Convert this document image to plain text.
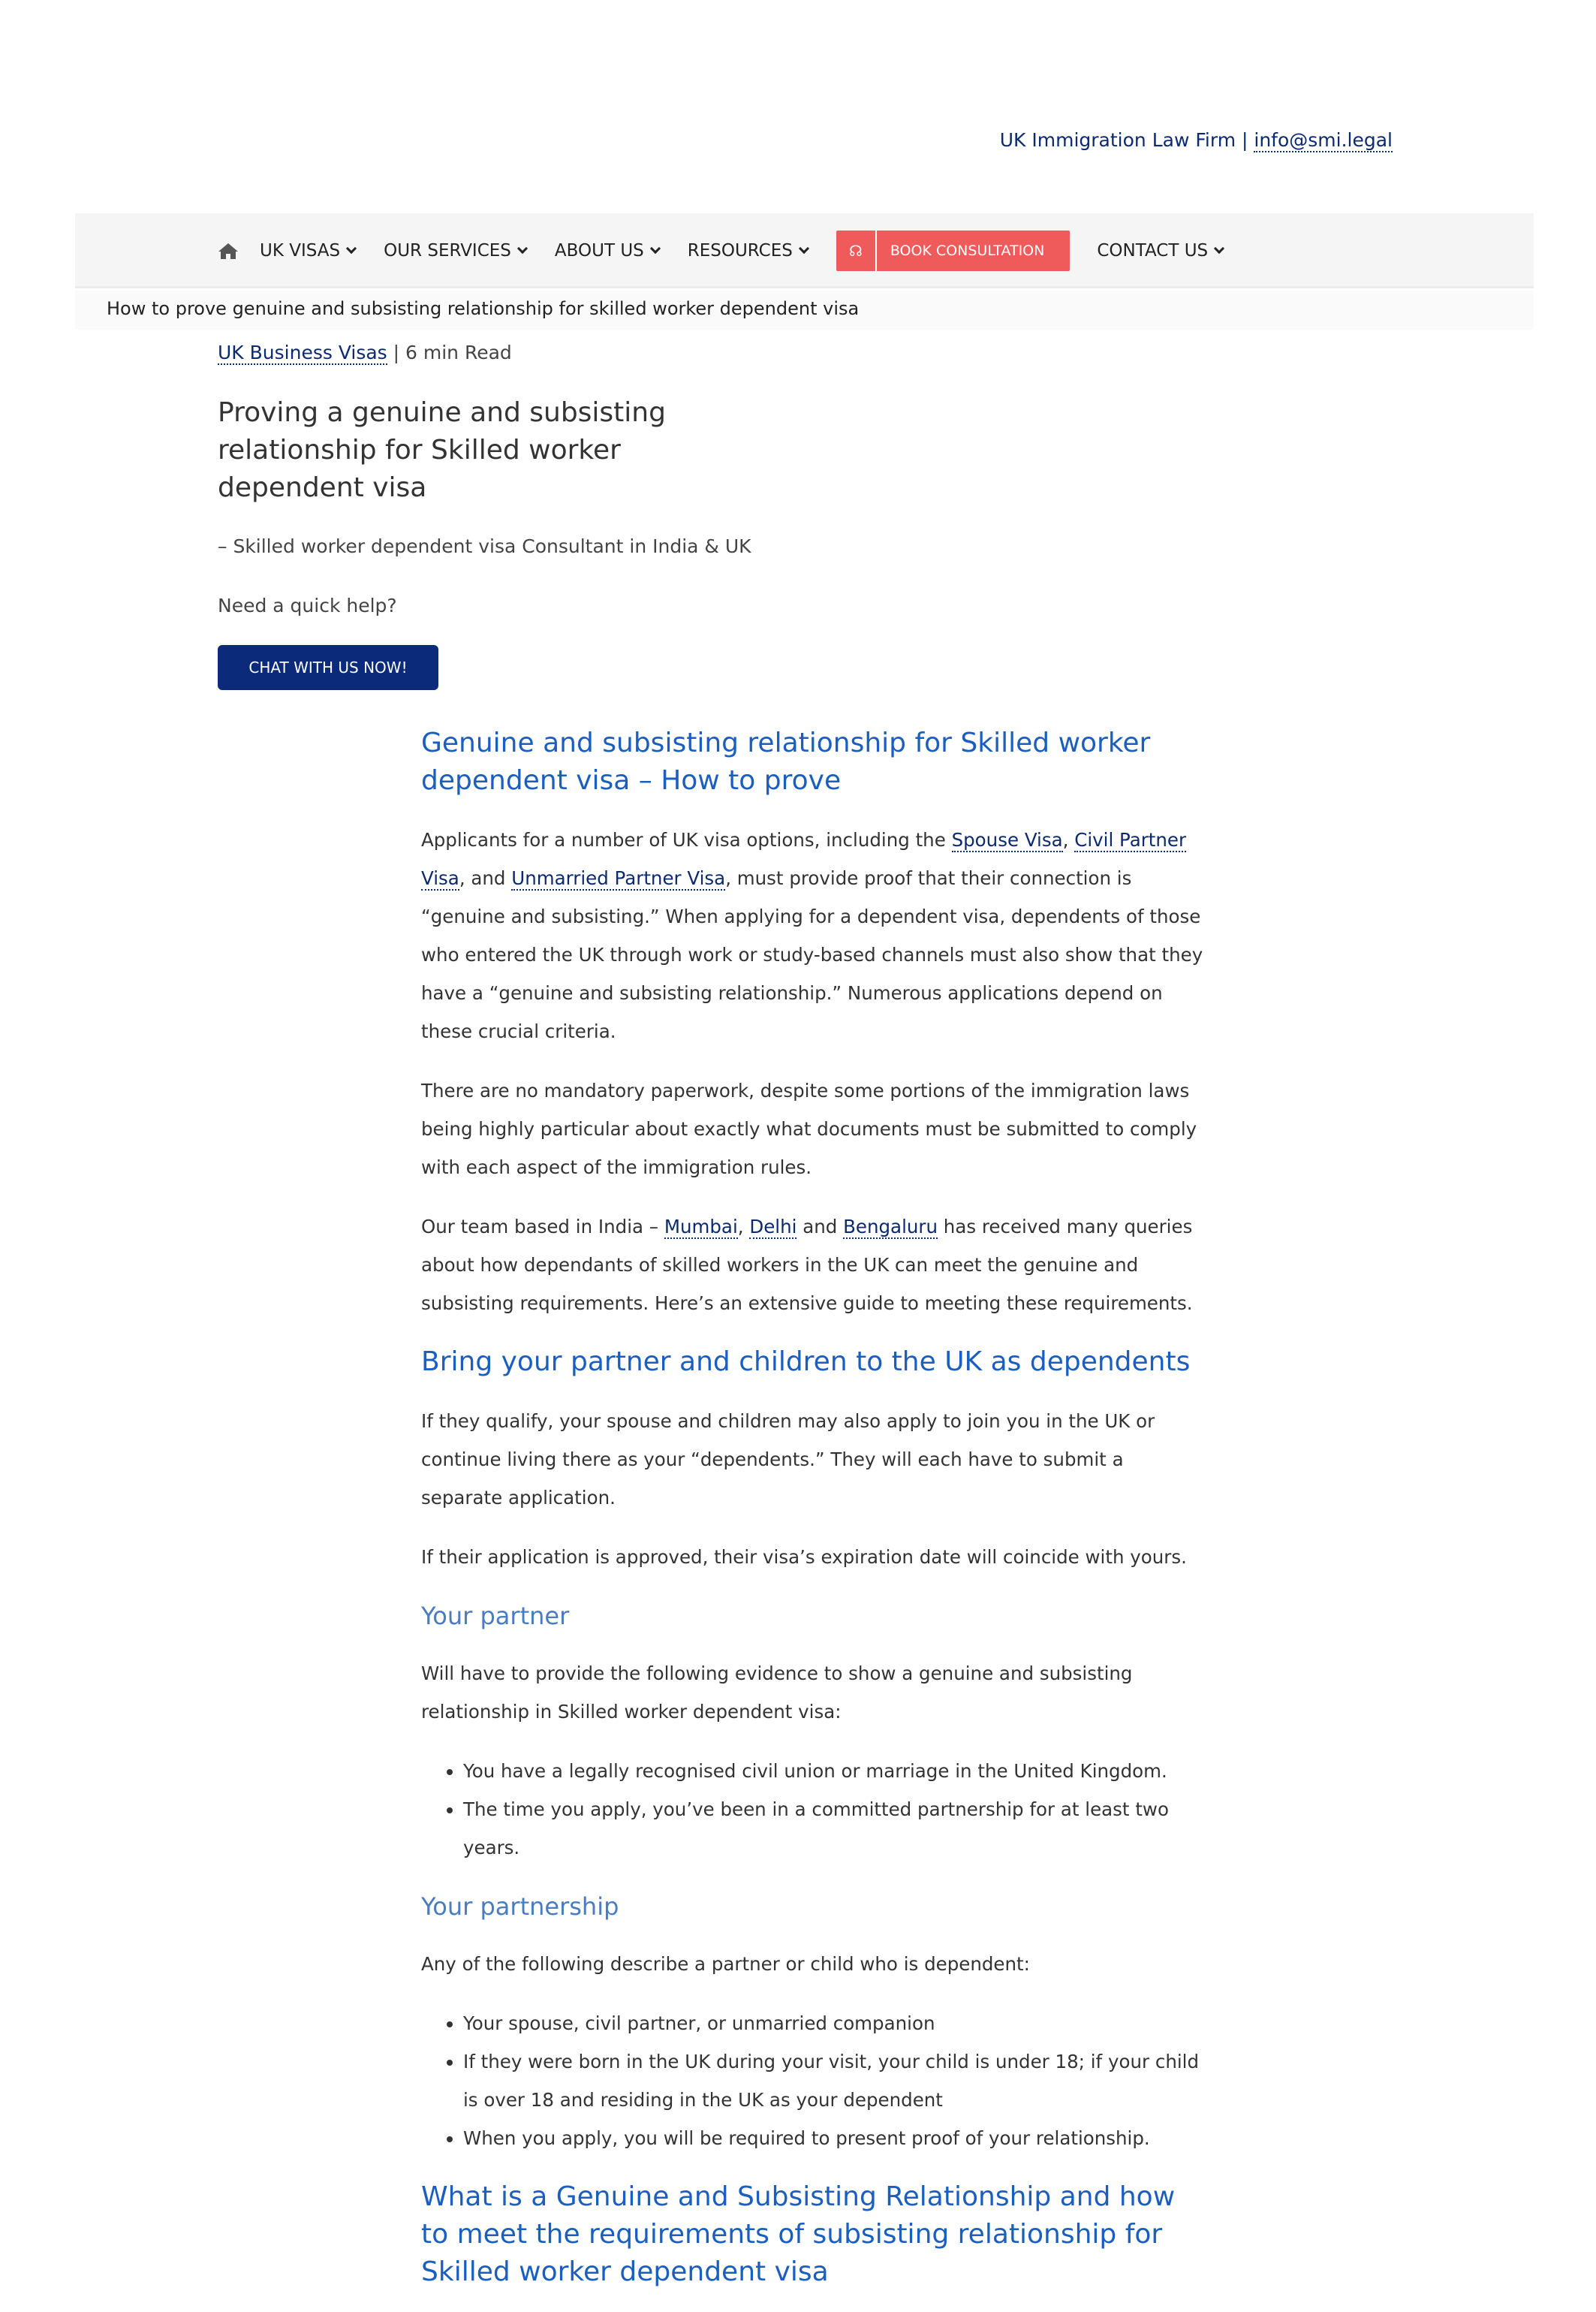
UK Immigration Law Firm | info@smi.legal
UK VISAS	OUR SERVICES	ABOUT US	RESOURCES	☊	BOOK CONSULTATION	CONTACT US
How to prove genuine and subsisting relationship for skilled worker dependent visa
UK Business Visas | 6 min Read
Proving a genuine and subsisting relationship for Skilled worker dependent visa
– Skilled worker dependent visa Consultant in India & UK
Need a quick help?
CHAT WITH US NOW!
Genuine and subsisting relationship for Skilled worker dependent visa – How to prove

Applicants for a number of UK visa options, including the Spouse Visa, Civil Partner Visa, and Unmarried Partner Visa, must provide proof that their connection is “genuine and subsisting.” When applying for a dependent visa, dependents of those who entered the UK through work or study-based channels must also show that they have a “genuine and subsisting relationship.” Numerous applications depend on these crucial criteria.

There are no mandatory paperwork, despite some portions of the immigration laws being highly particular about exactly what documents must be submitted to comply with each aspect of the immigration rules.

Our team based in India – Mumbai, Delhi and Bengaluru has received many queries about how dependants of skilled workers in the UK can meet the genuine and subsisting requirements. Here’s an extensive guide to meeting these requirements.

Bring your partner and children to the UK as dependents

If they qualify, your spouse and children may also apply to join you in the UK or continue living there as your “dependents.” They will each have to submit a separate application.

If their application is approved, their visa’s expiration date will coincide with yours.

Your partner

Will have to provide the following evidence to show a genuine and subsisting relationship in Skilled worker dependent visa:

• You have a legally recognised civil union or marriage in the United Kingdom.
• The time you apply, you’ve been in a committed partnership for at least two years.
Your partnership

Any of the following describe a partner or child who is dependent:

• Your spouse, civil partner, or unmarried companion
• If they were born in the UK during your visit, your child is under 18; if your child is over 18 and residing in the UK as your dependent
• When you apply, you will be required to present proof of your relationship.
What is a Genuine and Subsisting Relationship and how to meet the requirements of subsisting relationship for Skilled worker dependent visa
